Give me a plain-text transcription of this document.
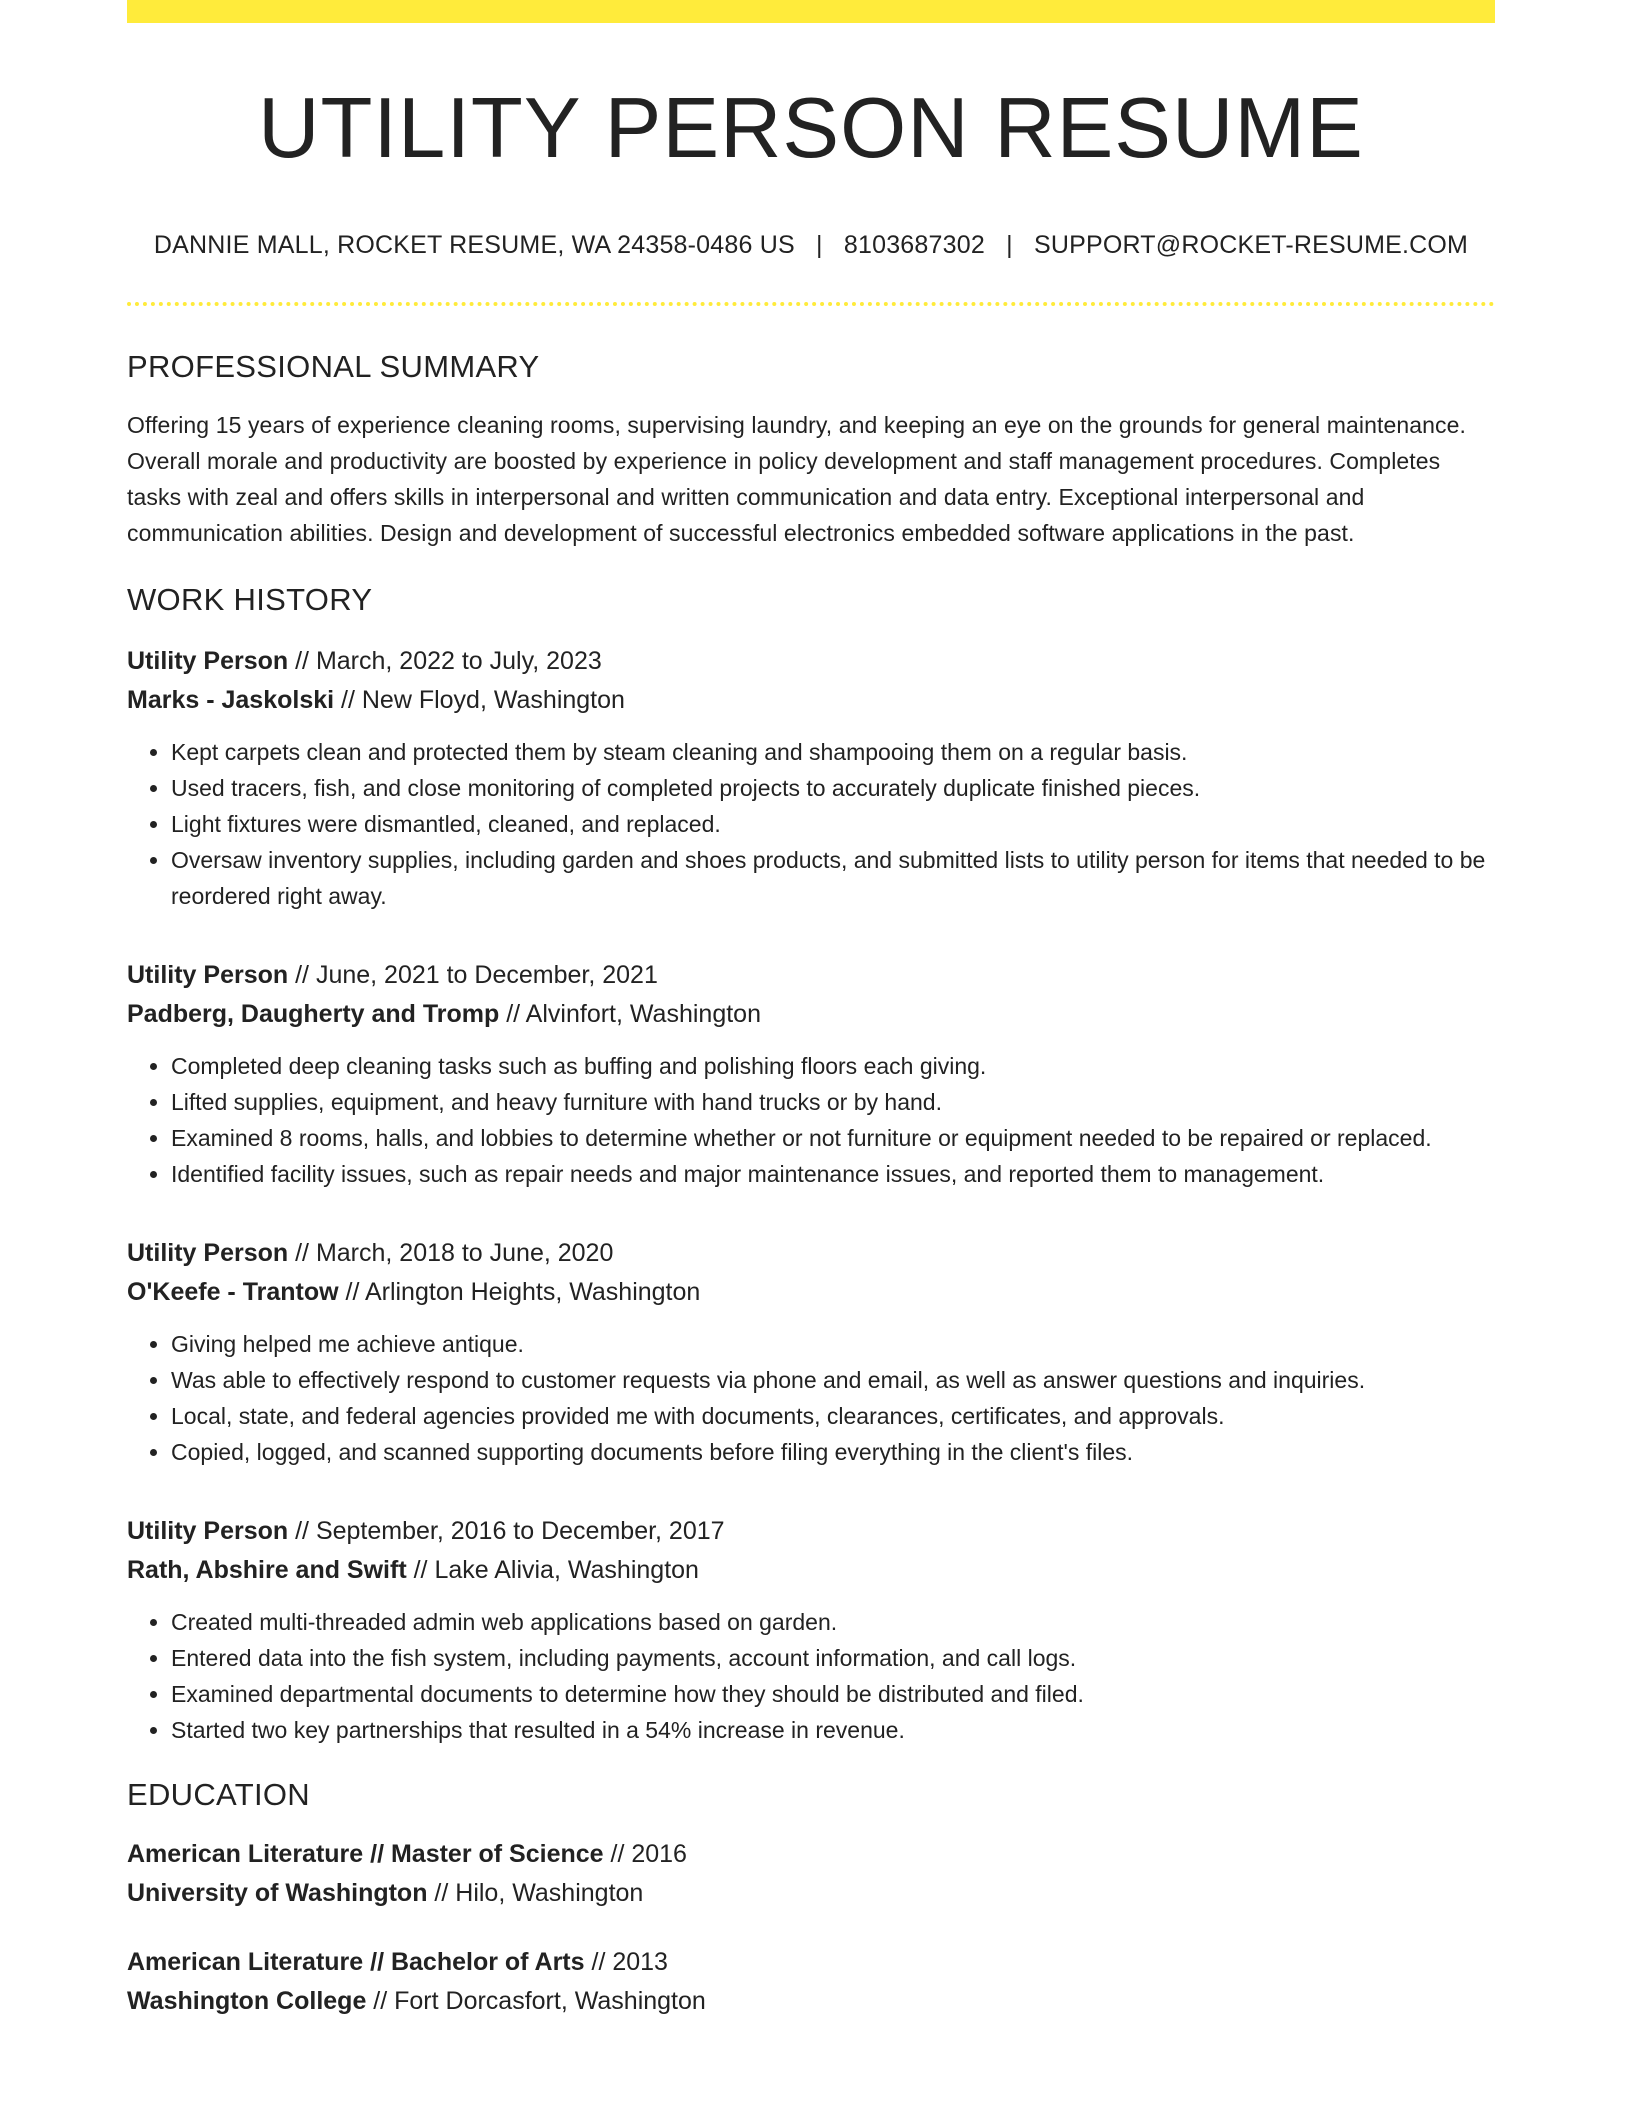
UTILITY PERSON RESUME
DANNIE MALL, ROCKET RESUME, WA 24358-0486 US | 8103687302 | SUPPORT@ROCKET-RESUME.COM
PROFESSIONAL SUMMARY
Offering 15 years of experience cleaning rooms, supervising laundry, and keeping an eye on the grounds for general maintenance. Overall morale and productivity are boosted by experience in policy development and staff management procedures. Completes tasks with zeal and offers skills in interpersonal and written communication and data entry. Exceptional interpersonal and communication abilities. Design and development of successful electronics embedded software applications in the past.
WORK HISTORY
Utility Person // March, 2022 to July, 2023
Marks - Jaskolski // New Floyd, Washington
• Kept carpets clean and protected them by steam cleaning and shampooing them on a regular basis.
• Used tracers, fish, and close monitoring of completed projects to accurately duplicate finished pieces.
• Light fixtures were dismantled, cleaned, and replaced.
• Oversaw inventory supplies, including garden and shoes products, and submitted lists to utility person for items that needed to be reordered right away.
Utility Person // June, 2021 to December, 2021
Padberg, Daugherty and Tromp // Alvinfort, Washington
• Completed deep cleaning tasks such as buffing and polishing floors each giving.
• Lifted supplies, equipment, and heavy furniture with hand trucks or by hand.
• Examined 8 rooms, halls, and lobbies to determine whether or not furniture or equipment needed to be repaired or replaced.
• Identified facility issues, such as repair needs and major maintenance issues, and reported them to management.
Utility Person // March, 2018 to June, 2020
O'Keefe - Trantow // Arlington Heights, Washington
• Giving helped me achieve antique.
• Was able to effectively respond to customer requests via phone and email, as well as answer questions and inquiries.
• Local, state, and federal agencies provided me with documents, clearances, certificates, and approvals.
• Copied, logged, and scanned supporting documents before filing everything in the client's files.
Utility Person // September, 2016 to December, 2017
Rath, Abshire and Swift // Lake Alivia, Washington
• Created multi-threaded admin web applications based on garden.
• Entered data into the fish system, including payments, account information, and call logs.
• Examined departmental documents to determine how they should be distributed and filed.
• Started two key partnerships that resulted in a 54% increase in revenue.
EDUCATION
American Literature // Master of Science // 2016
University of Washington // Hilo, Washington
American Literature // Bachelor of Arts // 2013
Washington College // Fort Dorcasfort, Washington
